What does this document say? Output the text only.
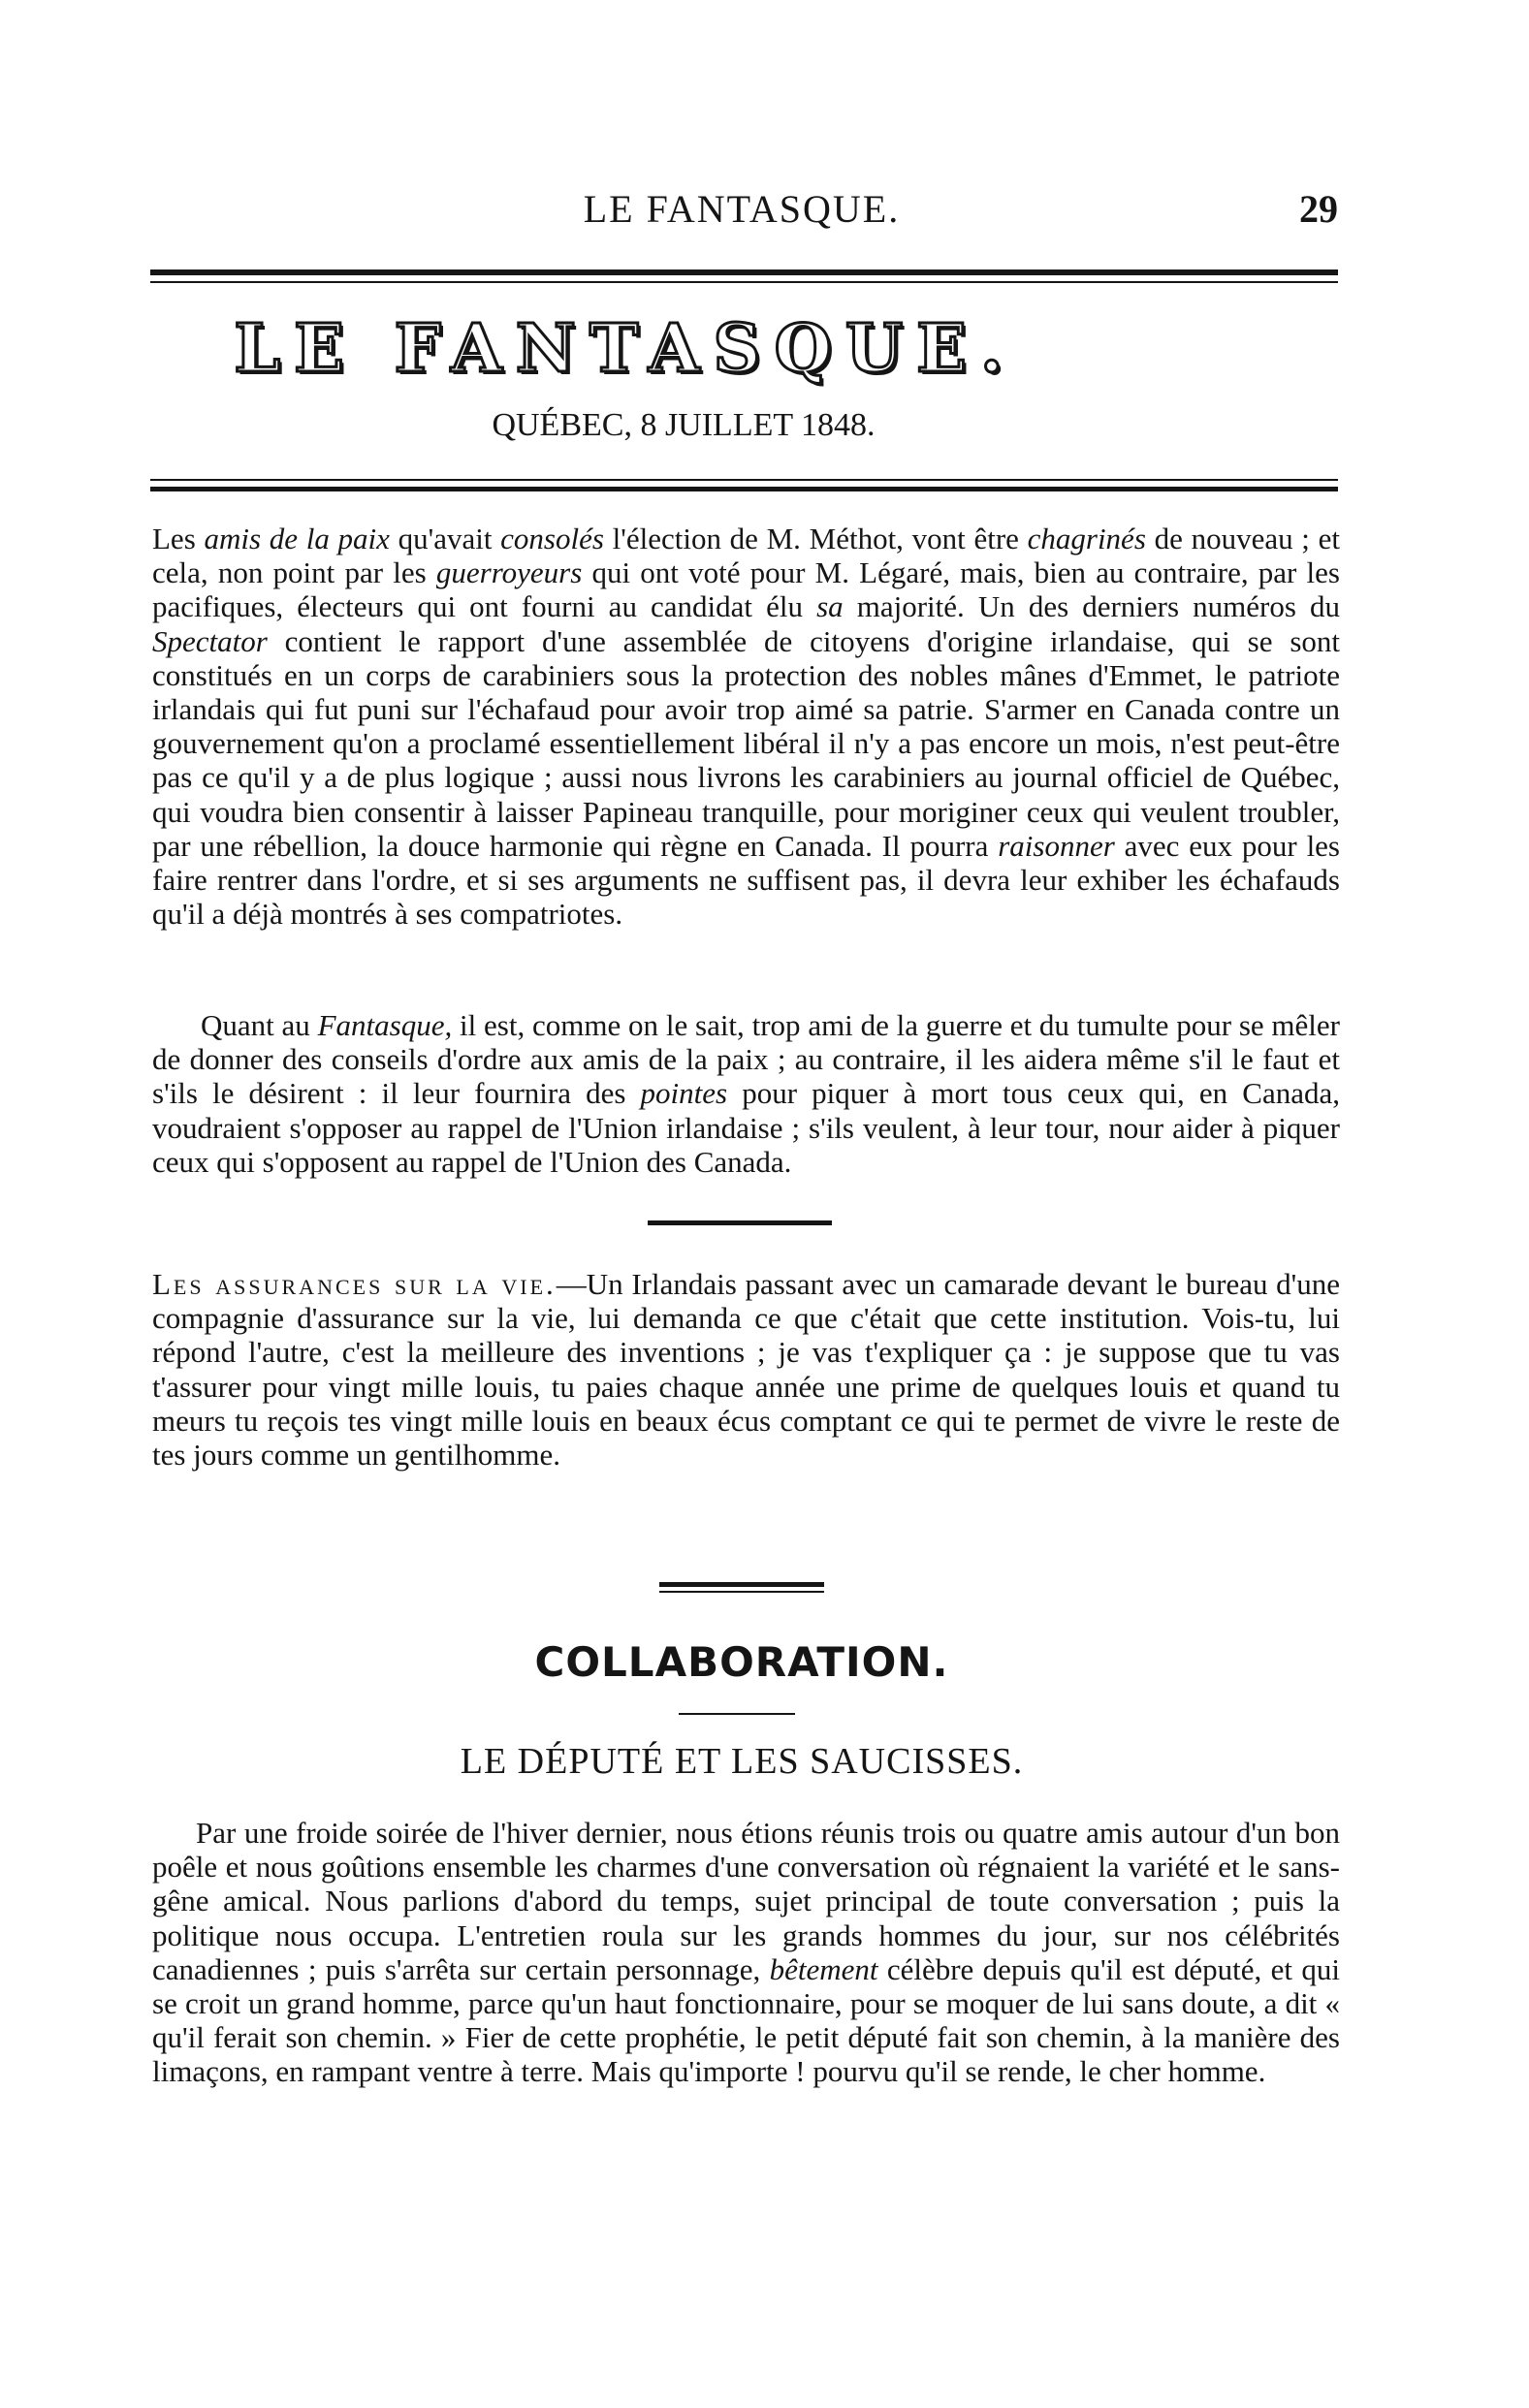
LE FANTASQUE.	29
LE FANTASQUE.
QUÉBEC, 8 JUILLET 1848.

Les amis de la paix qu'avait consolés l'élection de M. Méthot, vont être chagrinés de nouveau ; et cela, non point par les guerroyeurs qui ont voté pour M. Légaré, mais, bien au contraire, par les pacifiques, électeurs qui ont fourni au candidat élu sa majorité. Un des derniers numéros du Spectator contient le rapport d'une assemblée de citoyens d'origine irlandaise, qui se sont constitués en un corps de carabiniers sous la protection des nobles mânes d'Emmet, le patriote irlandais qui fut puni sur l'échafaud pour avoir trop aimé sa patrie. S'armer en Canada contre un gouvernement qu'on a proclamé essentiellement libéral il n'y a pas encore un mois, n'est peut-être pas ce qu'il y a de plus logique ; aussi nous livrons les carabiniers au journal officiel de Québec, qui voudra bien consentir à laisser Papineau tranquille, pour moriginer ceux qui veulent troubler, par une rébellion, la douce harmonie qui règne en Canada. Il pourra raisonner avec eux pour les faire rentrer dans l'ordre, et si ses arguments ne suffisent pas, il devra leur exhiber les échafauds qu'il a déjà montrés à ses compatriotes.

Quant au Fantasque, il est, comme on le sait, trop ami de la guerre et du tumulte pour se mêler de donner des conseils d'ordre aux amis de la paix ; au contraire, il les aidera même s'il le faut et s'ils le désirent : il leur fournira des pointes pour piquer à mort tous ceux qui, en Canada, voudraient s'opposer au rappel de l'Union irlandaise ; s'ils veulent, à leur tour, nour aider à piquer ceux qui s'opposent au rappel de l'Union des Canada.

Les assurances sur la vie.—Un Irlandais passant avec un camarade devant le bureau d'une compagnie d'assurance sur la vie, lui demanda ce que c'était que cette institution. Vois-tu, lui répond l'autre, c'est la meilleure des inventions ; je vas t'expliquer ça : je suppose que tu vas t'assurer pour vingt mille louis, tu paies chaque année une prime de quelques louis et quand tu meurs tu reçois tes vingt mille louis en beaux écus comptant ce qui te permet de vivre le reste de tes jours comme un gentilhomme.

COLLABORATION.
LE DÉPUTÉ ET LES SAUCISSES.

Par une froide soirée de l'hiver dernier, nous étions réunis trois ou quatre amis autour d'un bon poêle et nous goûtions ensemble les charmes d'une conversation où régnaient la variété et le sans-gêne amical. Nous parlions d'abord du temps, sujet principal de toute conversation ; puis la politique nous occupa. L'entretien roula sur les grands hommes du jour, sur nos célébrités canadiennes ; puis s'arrêta sur certain personnage, bêtement célèbre depuis qu'il est député, et qui se croit un grand homme, parce qu'un haut fonctionnaire, pour se moquer de lui sans doute, a dit « qu'il ferait son chemin. » Fier de cette prophétie, le petit député fait son chemin, à la manière des limaçons, en rampant ventre à terre. Mais qu'importe ! pourvu qu'il se rende, le cher homme.
